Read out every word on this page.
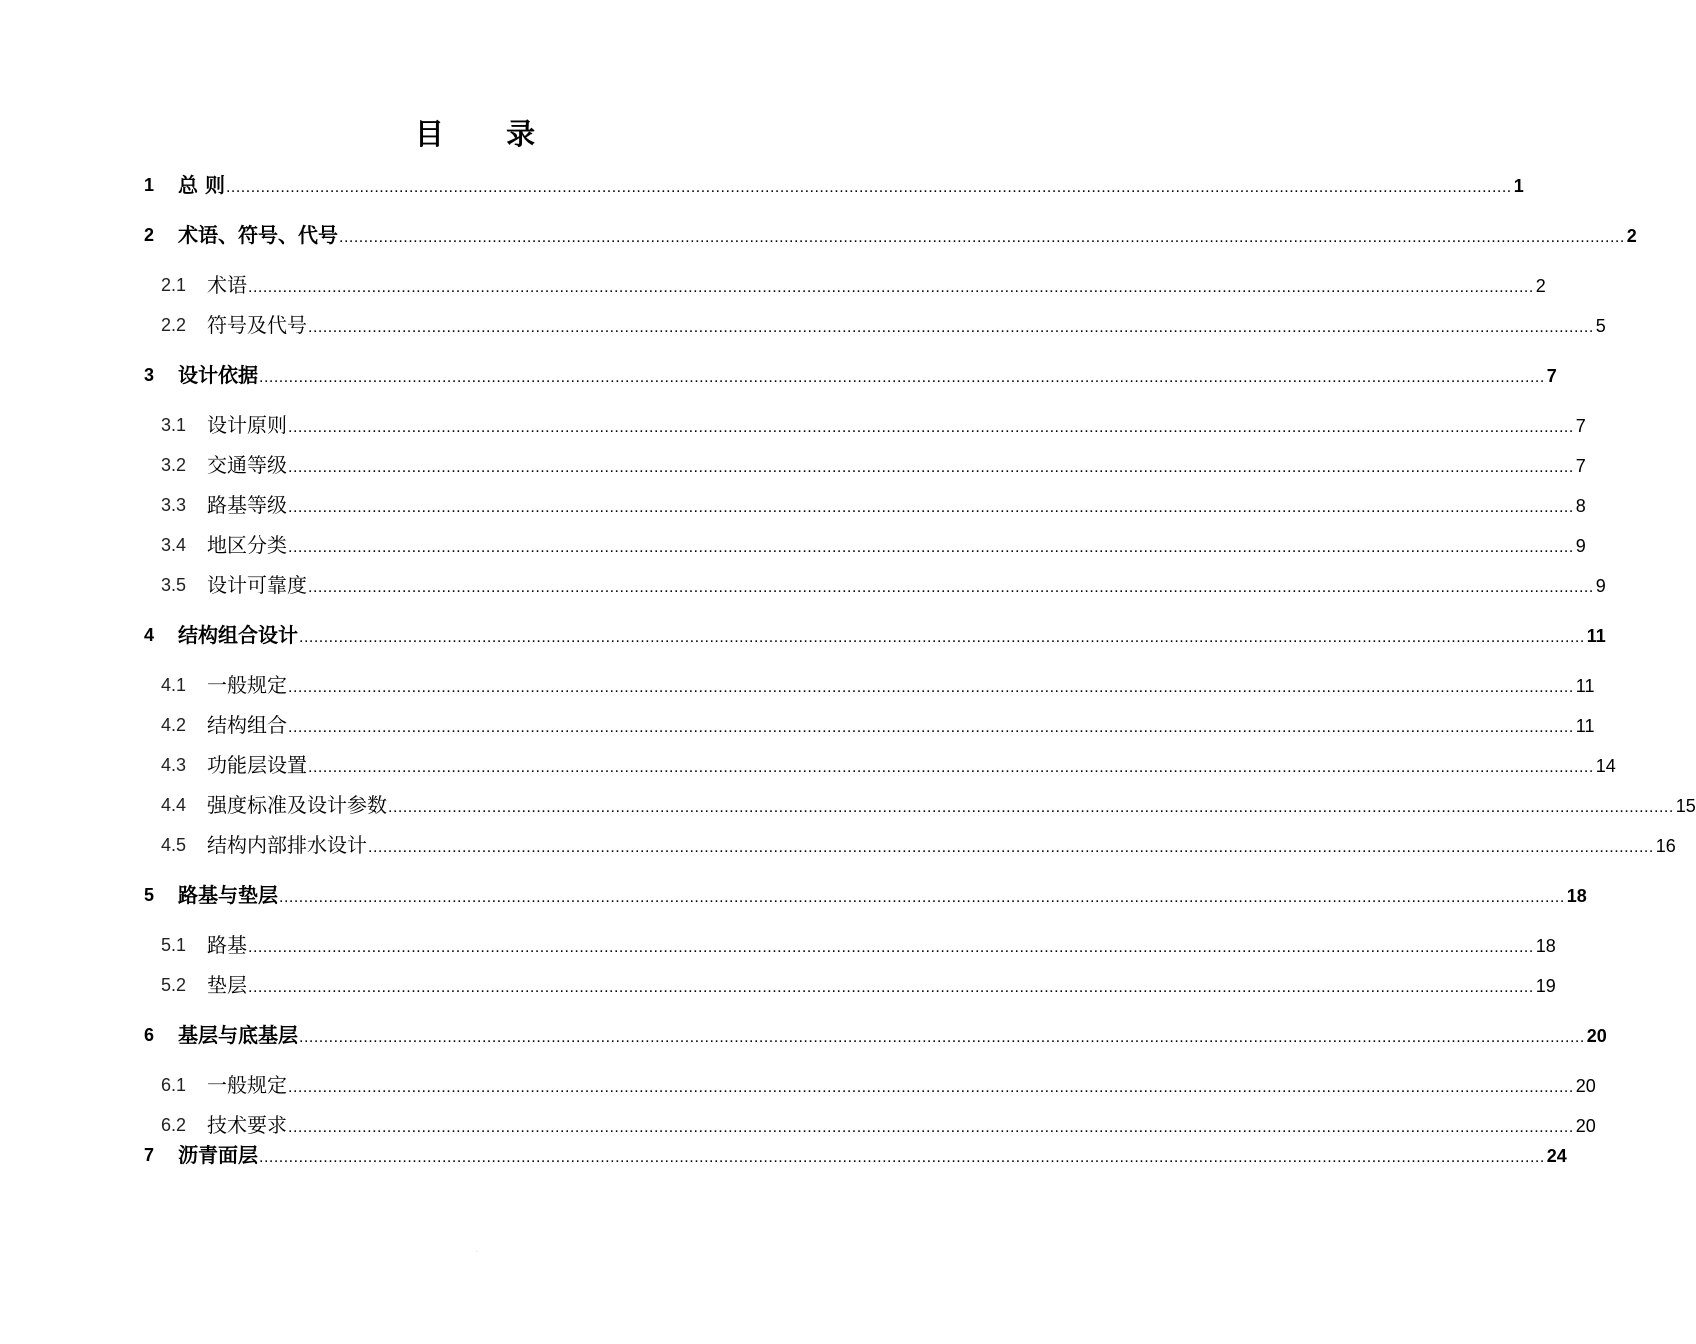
目 录
1 总 则 .................................................................................................................................................................................................................................................................... 1
2 术语、符号、代号 .................................................................................................................................................................................................................................................................... 2
2.1 术语 .................................................................................................................................................................................................................................................................... 2
2.2 符号及代号 .................................................................................................................................................................................................................................................................... 5
3 设计依据 .................................................................................................................................................................................................................................................................... 7
3.1 设计原则 .................................................................................................................................................................................................................................................................... 7
3.2 交通等级 .................................................................................................................................................................................................................................................................... 7
3.3 路基等级 .................................................................................................................................................................................................................................................................... 8
3.4 地区分类 .................................................................................................................................................................................................................................................................... 9
3.5 设计可靠度 .................................................................................................................................................................................................................................................................... 9
4 结构组合设计 .................................................................................................................................................................................................................................................................... 11
4.1 一般规定 .................................................................................................................................................................................................................................................................... 11
4.2 结构组合 .................................................................................................................................................................................................................................................................... 11
4.3 功能层设置 .................................................................................................................................................................................................................................................................... 14
4.4 强度标准及设计参数 .................................................................................................................................................................................................................................................................... 15
4.5 结构内部排水设计 .................................................................................................................................................................................................................................................................... 16
5 路基与垫层 .................................................................................................................................................................................................................................................................... 18
5.1 路基 .................................................................................................................................................................................................................................................................... 18
5.2 垫层 .................................................................................................................................................................................................................................................................... 19
6 基层与底基层 .................................................................................................................................................................................................................................................................... 20
6.1 一般规定 .................................................................................................................................................................................................................................................................... 20
6.2 技术要求 .................................................................................................................................................................................................................................................................... 20
7 沥青面层 .................................................................................................................................................................................................................................................................... 24
.
